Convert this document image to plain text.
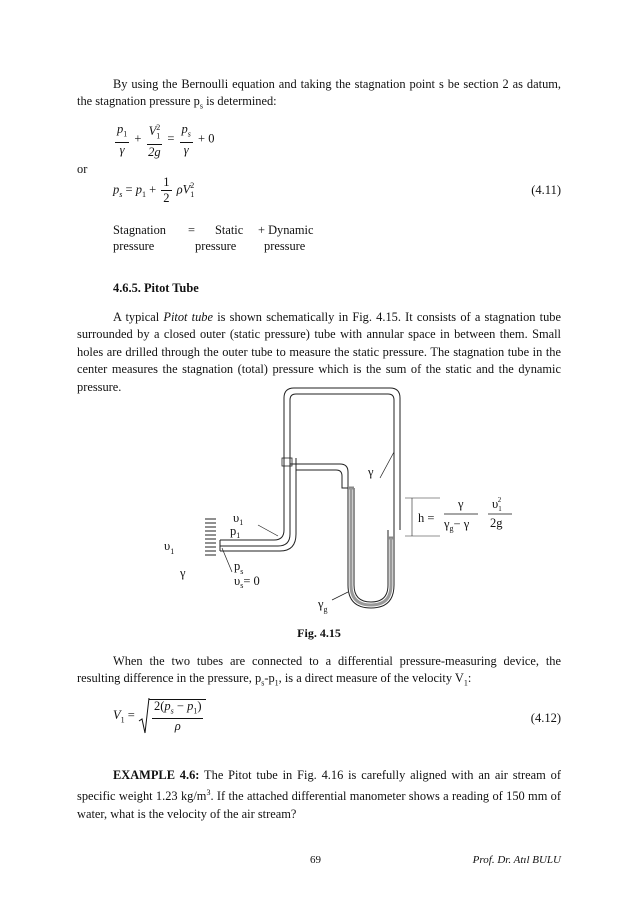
By using the Bernoulli equation and taking the stagnation point s be section 2 as datum, the stagnation pressure $p_s$ is determined:
$\frac{p_1}{\gamma} + \frac{V_1^2}{2g} = \frac{p_s}{\gamma} + 0$
or
$p_s = p_1 + \frac{1}{2} \rho V_1^2$	(4.11)
Stagnation = Static + Dynamic
pressure	pressure pressure
4.6.5. Pitot Tube
A typical Pitot tube is shown schematically in Fig. 4.15. It consists of a stagnation tube surrounded by a closed outer (static pressure) tube with annular space in between them. Small holes are drilled through the outer tube to measure the static pressure. The stagnation tube in the center measures the stagnation (total) pressure which is the sum of the static and the dynamic pressure.
γ
$\gamma_g$
$\upsilon_1$
$p_1$
$\upsilon_1$
γ	$p_s$
$\upsilon_s= 0$
h =
γ
$\gamma_g- \gamma$
$\upsilon_12$
2g
Fig. 4.15
When the two tubes are connected to a differential pressure-measuring device, the resulting difference in the pressure, $p_s-p_1$, is a direct measure of the velocity $V_1$:
$V_1 = \frac{2(p_s - p_1)}{\rho}$	(4.12)
EXAMPLE 4.6: The Pitot tube in Fig. 4.16 is carefully aligned with an air stream of specific weight 1.23 $kg/m^3$. If the attached differential manometer shows a reading of 150 mm of water, what is the velocity of the air stream?
69	Prof. Dr. Atıl BULU
